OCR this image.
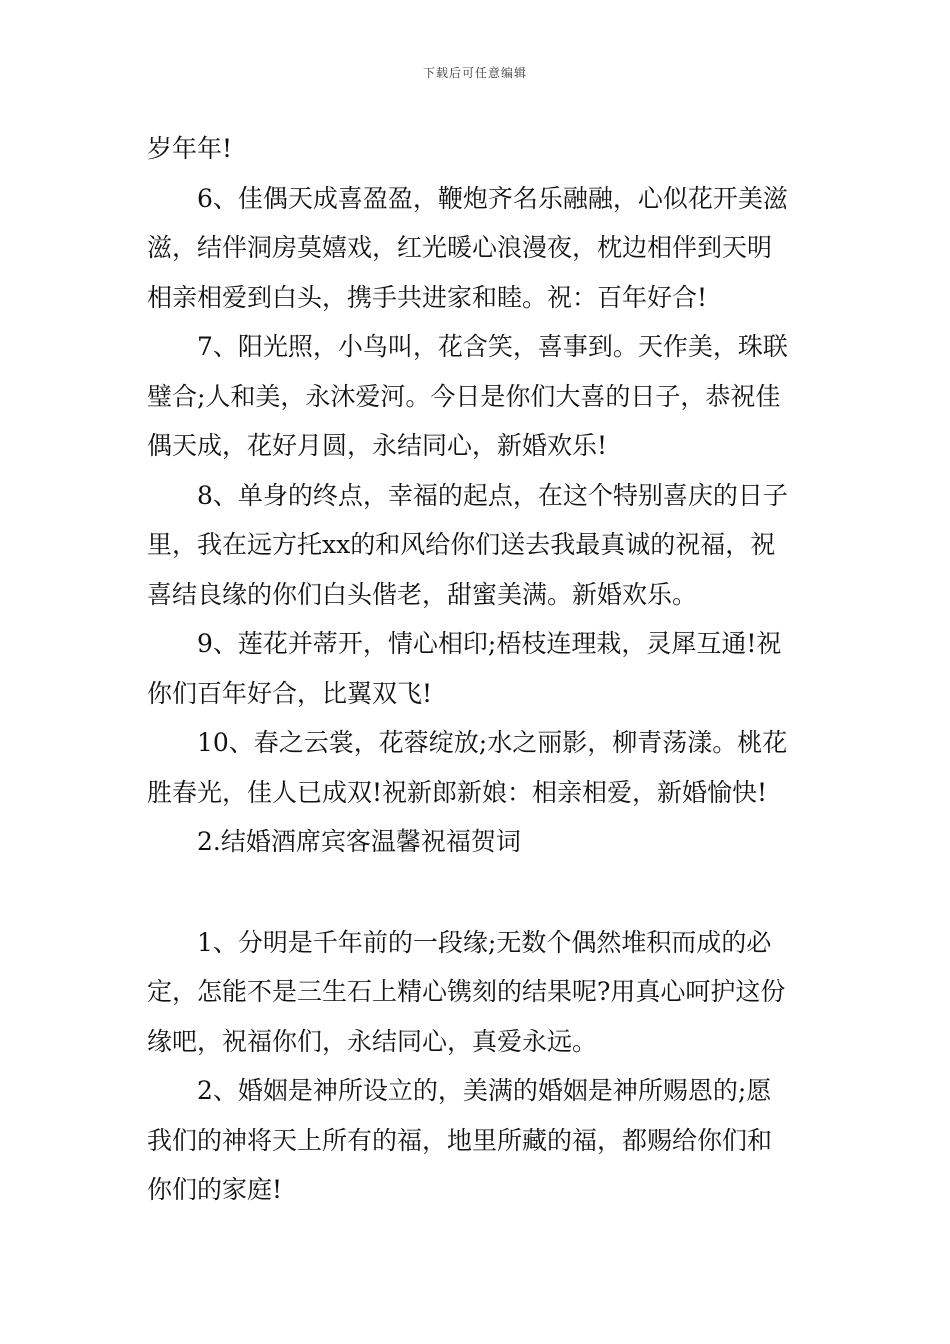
下载后可任意编辑
岁年年!
6、佳偶天成喜盈盈，鞭炮齐名乐融融，心似花开美滋
滋，结伴洞房莫嬉戏，红光暖心浪漫夜，枕边相伴到天明
相亲相爱到白头，携手共进家和睦。祝：百年好合!
7、阳光照，小鸟叫，花含笑，喜事到。天作美，珠联
璧合;人和美，永沐爱河。今日是你们大喜的日子，恭祝佳
偶天成，花好月圆，永结同心，新婚欢乐!
8、单身的终点，幸福的起点，在这个特别喜庆的日子
里，我在远方托xx的和风给你们送去我最真诚的祝福，祝
喜结良缘的你们白头偕老，甜蜜美满。新婚欢乐。
9、莲花并蒂开，情心相印;梧枝连理栽，灵犀互通!祝
你们百年好合，比翼双飞!
10、春之云裳，花蓉绽放;水之丽影，柳青荡漾。桃花
胜春光，佳人已成双!祝新郎新娘：相亲相爱，新婚愉快!
2.结婚酒席宾客温馨祝福贺词
1、分明是千年前的一段缘;无数个偶然堆积而成的必
定，怎能不是三生石上精心镌刻的结果呢?用真心呵护这份
缘吧，祝福你们，永结同心，真爱永远。
2、婚姻是神所设立的，美满的婚姻是神所赐恩的;愿
我们的神将天上所有的福，地里所藏的福，都赐给你们和
你们的家庭!
